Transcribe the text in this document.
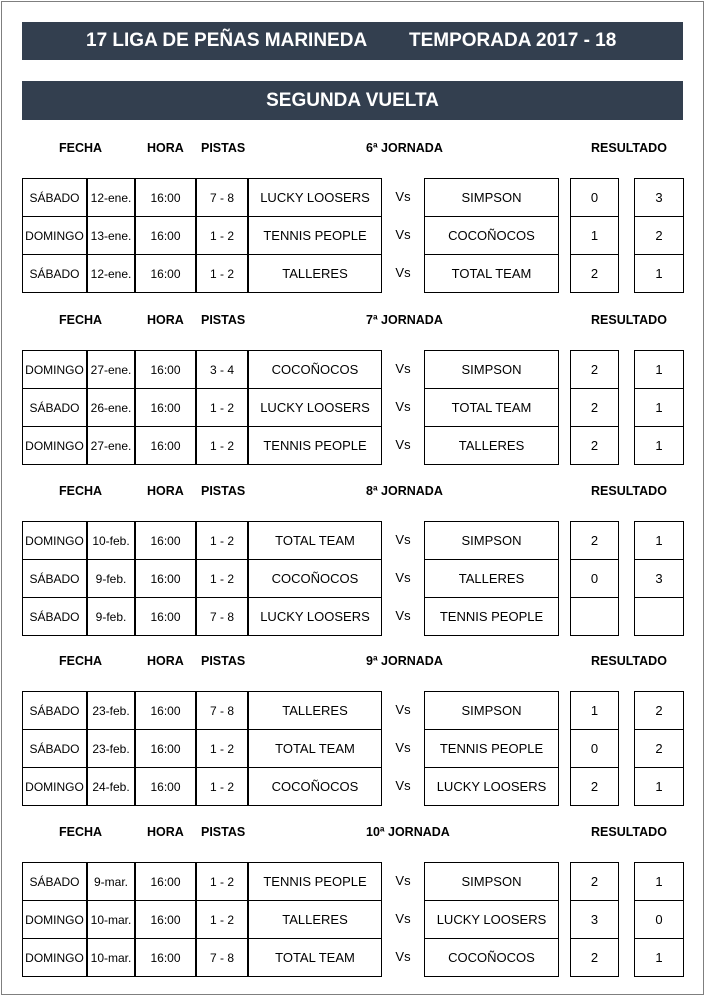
17 LIGA DE PEÑAS MARINEDA TEMPORADA 2017 - 18
SEGUNDA VUELTA
FECHA	HORA PISTAS	6ª JORNADA	RESULTADO
SÁBADO 12-ene.	16:00	7 - 8	LUCKY LOOSERS	SIMPSON	0	3
Vs
DOMINGO 13-ene.	16:00	1 - 2	TENNIS PEOPLE	COCOÑOCOS	1	2
Vs
SÁBADO 12-ene.	16:00	1 - 2	TALLERES	TOTAL TEAM	2	1
Vs
FECHA	HORA PISTAS	7ª JORNADA	RESULTADO
DOMINGO 27-ene.	16:00	3 - 4	COCOÑOCOS	SIMPSON	2	1
Vs
SÁBADO 26-ene.	16:00	1 - 2	LUCKY LOOSERS	TOTAL TEAM	2	1
Vs
DOMINGO 27-ene.	16:00	1 - 2	TENNIS PEOPLE	TALLERES	2	1
Vs
FECHA	HORA PISTAS	8ª JORNADA	RESULTADO
DOMINGO 10-feb.	16:00	1 - 2	TOTAL TEAM	SIMPSON	2	1
Vs
SÁBADO	9-feb.	16:00	1 - 2	COCOÑOCOS	TALLERES	0	3
Vs
SÁBADO	9-feb.	16:00	7 - 8	LUCKY LOOSERS	TENNIS PEOPLE
Vs
FECHA	HORA PISTAS	9ª JORNADA	RESULTADO
SÁBADO	23-feb.	16:00	7 - 8	TALLERES	SIMPSON	1	2
Vs
SÁBADO	23-feb.	16:00	1 - 2	TOTAL TEAM	TENNIS PEOPLE	0	2
Vs
DOMINGO 24-feb.	16:00	1 - 2	COCOÑOCOS	LUCKY LOOSERS	2	1
Vs
FECHA	HORA PISTAS	10ª JORNADA	RESULTADO
SÁBADO	9-mar.	16:00	1 - 2	TENNIS PEOPLE	SIMPSON	2	1
Vs
DOMINGO 10-mar.	16:00	1 - 2	TALLERES	LUCKY LOOSERS	3	0
Vs
DOMINGO 10-mar.	16:00	7 - 8	TOTAL TEAM	COCOÑOCOS	2	1
Vs
